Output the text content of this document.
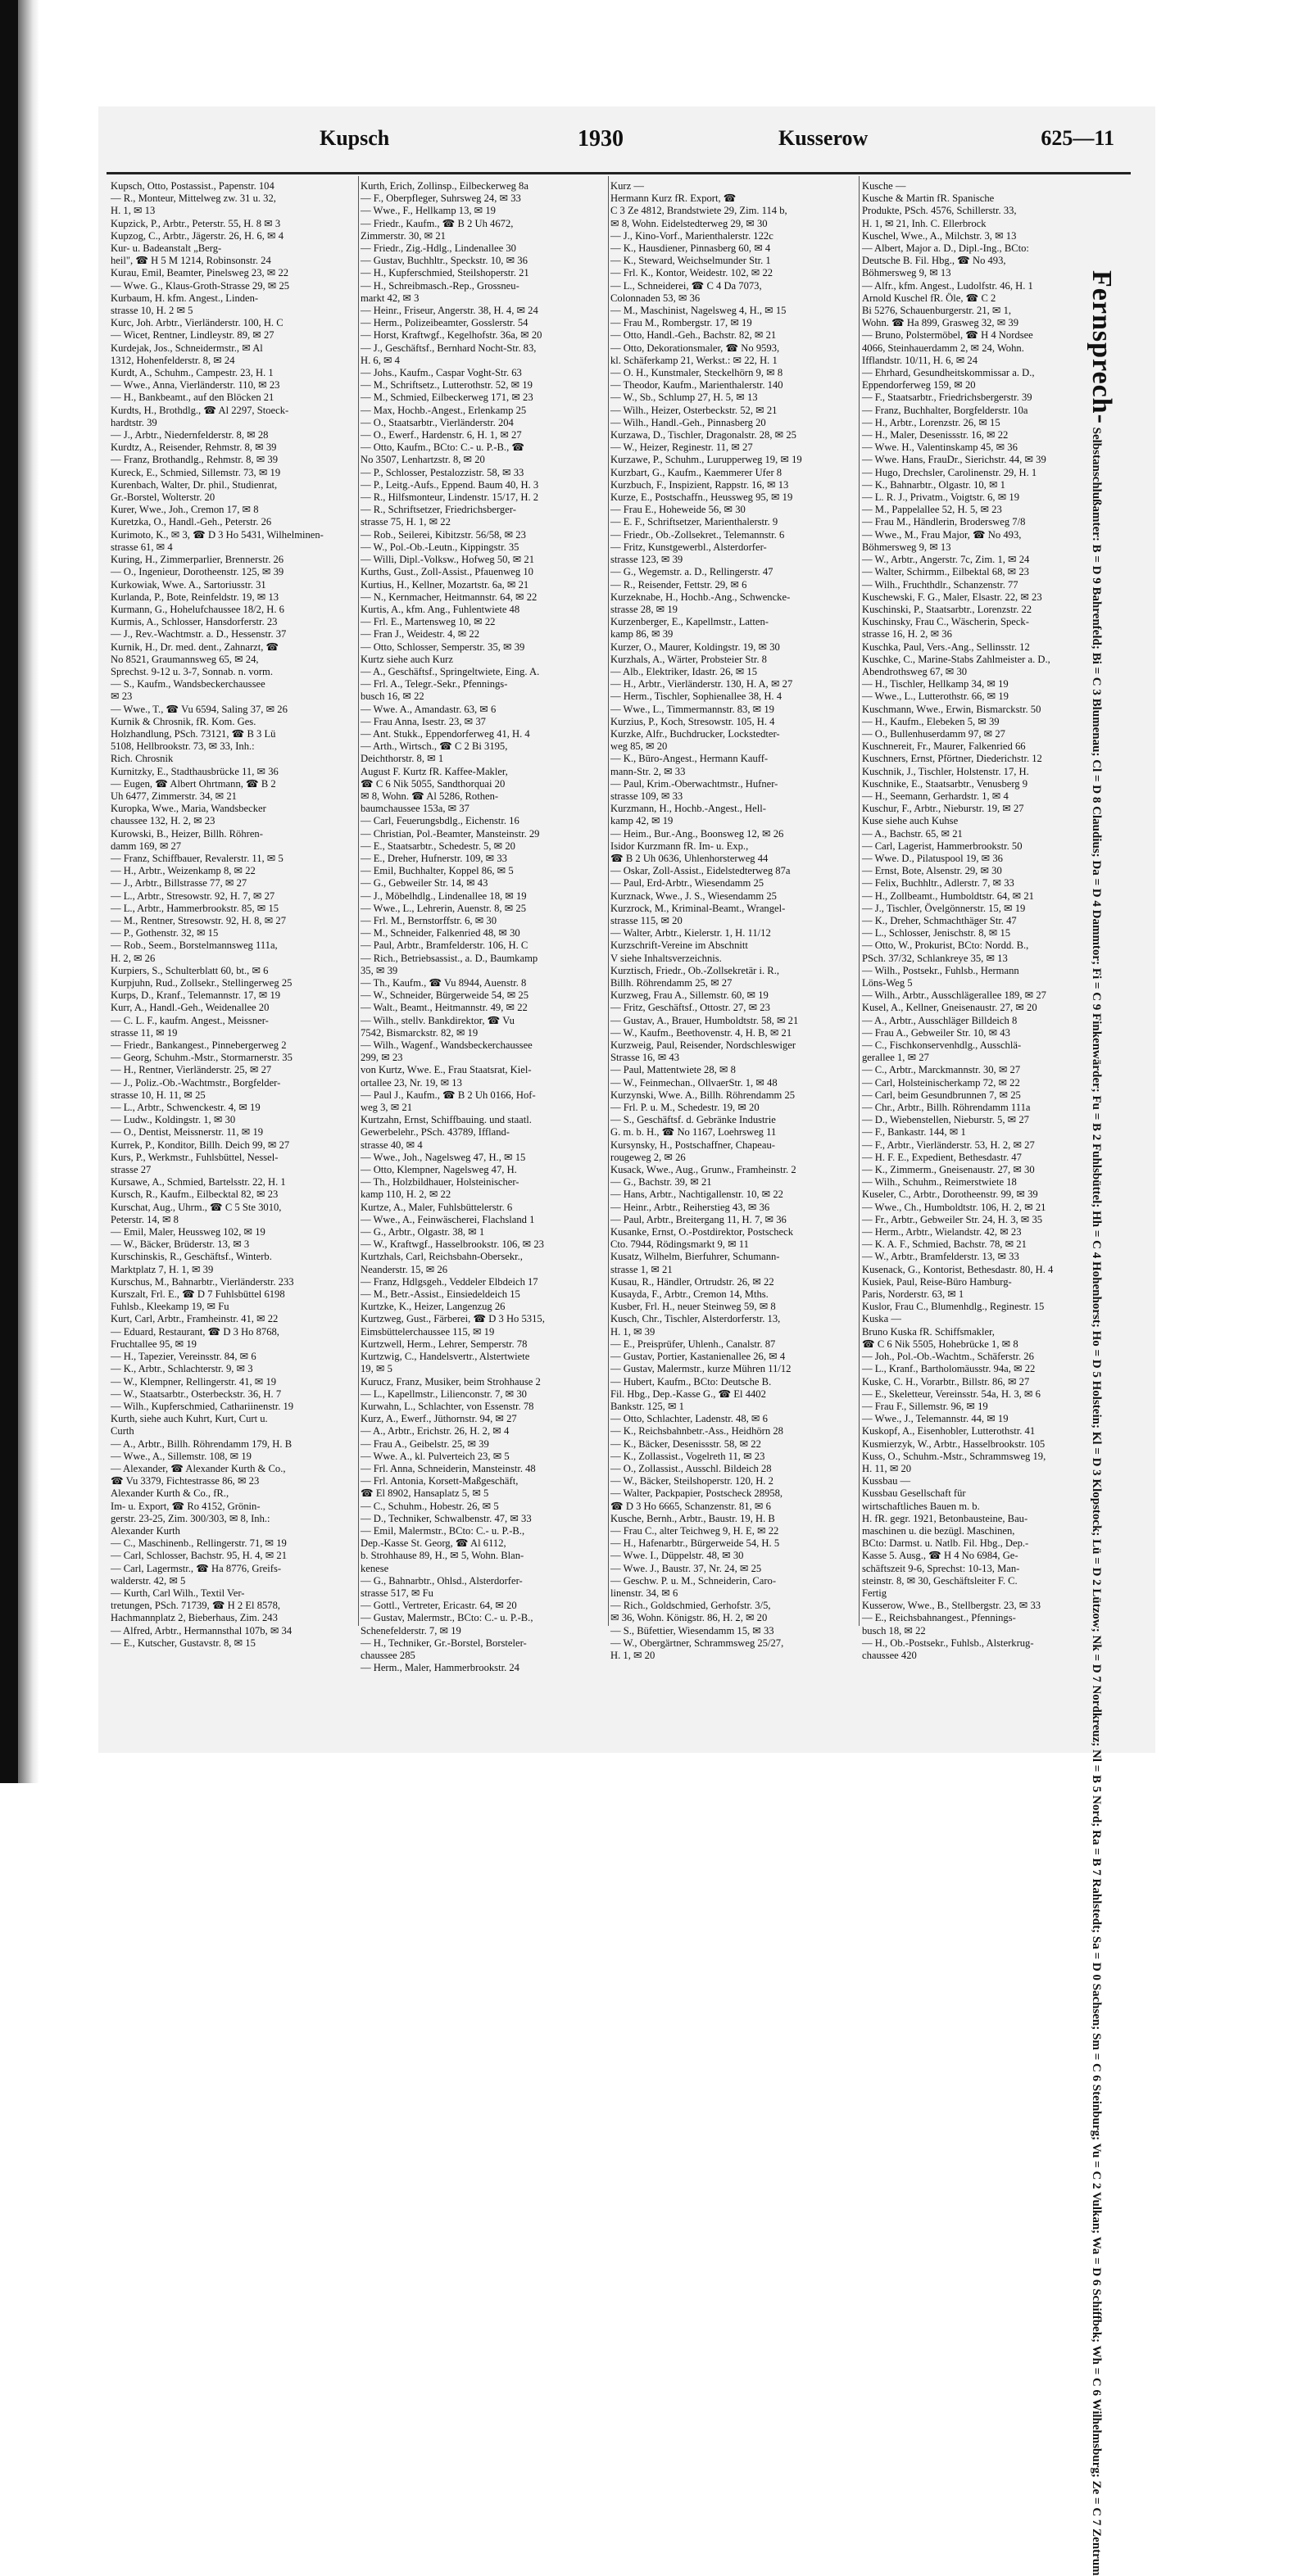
Kupsch	1930	Kusserow	625—11
Kupsch, Otto, Postassist., Papenstr. 104
— R., Monteur, Mittelweg zw. 31 u. 32,
H. 1, ✉ 13
Kupzick, P., Arbtr., Peterstr. 55, H. 8 ✉ 3
Kupzog, C., Arbtr., Jägerstr. 26, H. 6, ✉ 4
Kur- u. Badeanstalt „Berg-
heil", ☎ H 5 M 1214, Robinsonstr. 24
Kurau, Emil, Beamter, Pinelsweg 23, ✉ 22
— Wwe. G., Klaus-Groth-Strasse 29, ✉ 25
Kurbaum, H. kfm. Angest., Linden-
strasse 10, H. 2 ✉ 5
Kurc, Joh. Arbtr., Vierländerstr. 100, H. C
— Wicet, Rentner, Lindleystr. 89, ✉ 27
Kurdejak, Jos., Schneidermstr., ✉ Al
1312, Hohenfelderstr. 8, ✉ 24
Kurdt, A., Schuhm., Campestr. 23, H. 1
— Wwe., Anna, Vierländerstr. 110, ✉ 23
— H., Bankbeamt., auf den Blöcken 21
Kurdts, H., Brothdlg., ☎ Al 2297, Stoeck-
hardtstr. 39
— J., Arbtr., Niedernfelderstr. 8, ✉ 28
Kurdtz, A., Reisender, Rehmstr. 8, ✉ 39
— Franz, Brothandlg., Rehmstr. 8, ✉ 39
Kureck, E., Schmied, Sillemstr. 73, ✉ 19
Kurenbach, Walter, Dr. phil., Studienrat,
Gr.-Borstel, Wolterstr. 20
Kurer, Wwe., Joh., Cremon 17, ✉ 8
Kuretzka, O., Handl.-Geh., Peterstr. 26
Kurimoto, K., ✉ 3, ☎ D 3 Ho 5431, Wilhelminen-
strasse 61, ✉ 4
Kuring, H., Zimmerparlier, Brennerstr. 26
— O., Ingenieur, Dorotheenstr. 125, ✉ 39
Kurkowiak, Wwe. A., Sartoriusstr. 31
Kurlanda, P., Bote, Reinfeldstr. 19, ✉ 13
Kurmann, G., Hohelufchaussee 18/2, H. 6
Kurmis, A., Schlosser, Hansdorferstr. 23
— J., Rev.-Wachtmstr. a. D., Hessenstr. 37
Kurnik, H., Dr. med. dent., Zahnarzt, ☎
No 8521, Graumannsweg 65, ✉ 24,
Sprechst. 9-12 u. 3-7, Sonnab. n. vorm.
— S., Kaufm., Wandsbeckerchaussee
✉ 23
— Wwe., T., ☎ Vu 6594, Saling 37, ✉ 26
Kurnik & Chrosnik, fR. Kom. Ges.
Holzhandlung, PSch. 73121, ☎ B 3 Lü
5108, Hellbrookstr. 73, ✉ 33, Inh.:
Rich. Chrosnik
Kurnitzky, E., Stadthausbrücke 11, ✉ 36
— Eugen, ☎ Albert Ohrtmann, ☎ B 2
Uh 6477, Zimmerstr. 34, ✉ 21
Kuropka, Wwe., Maria, Wandsbecker
chaussee 132, H. 2, ✉ 23
Kurowski, B., Heizer, Billh. Röhren-
damm 169, ✉ 27
— Franz, Schiffbauer, Revalerstr. 11, ✉ 5
— H., Arbtr., Weizenkamp 8, ✉ 22
— J., Arbtr., Billstrasse 77, ✉ 27
— L., Arbtr., Stresowstr. 92, H. 7, ✉ 27
— L., Arbtr., Hammerbrookstr. 85, ✉ 15
— M., Rentner, Stresowstr. 92, H. 8, ✉ 27
— P., Gothenstr. 32, ✉ 15
— Rob., Seem., Borstelmannsweg 111a,
H. 2, ✉ 26
Kurpiers, S., Schulterblatt 60, bt., ✉ 6
Kurpjuhn, Rud., Zollsekr., Stellingerweg 25
Kurps, D., Kranf., Telemannstr. 17, ✉ 19
Kurr, A., Handl.-Geh., Weidenallee 20
— C. L. F., kaufm. Angest., Meissner-
strasse 11, ✉ 19
— Friedr., Bankangest., Pinnebergerweg 2
— Georg, Schuhm.-Mstr., Stormarnerstr. 35
— H., Rentner, Vierländerstr. 25, ✉ 27
— J., Poliz.-Ob.-Wachtmstr., Borgfelder-
strasse 10, H. 11, ✉ 25
— L., Arbtr., Schwenckestr. 4, ✉ 19
— Ludw., Koldingstr. 1, ✉ 30
— O., Dentist, Meissnerstr. 11, ✉ 19
Kurrek, P., Konditor, Billh. Deich 99, ✉ 27
Kurs, P., Werkmstr., Fuhlsbüttel, Nessel-
strasse 27
Kursawe, A., Schmied, Bartelsstr. 22, H. 1
Kursch, R., Kaufm., Eilbecktal 82, ✉ 23
Kurschat, Aug., Uhrm., ☎ C 5 Ste 3010,
Peterstr. 14, ✉ 8
— Emil, Maler, Heussweg 102, ✉ 19
— W., Bäcker, Brüderstr. 13, ✉ 3
Kurschinskis, R., Geschäftsf., Winterb.
Marktplatz 7, H. 1, ✉ 39
Kurschus, M., Bahnarbtr., Vierländerstr. 233
Kurszalt, Frl. E., ☎ D 7 Fuhlsbüttel 6198
Fuhlsb., Kleekamp 19, ✉ Fu
Kurt, Carl, Arbtr., Framheinstr. 41, ✉ 22
— Eduard, Restaurant, ☎ D 3 Ho 8768,
Fruchtallee 95, ✉ 19
— H., Tapezier, Vereinsstr. 84, ✉ 6
— K., Arbtr., Schlachterstr. 9, ✉ 3
— W., Klempner, Rellingerstr. 41, ✉ 19
— W., Staatsarbtr., Osterbeckstr. 36, H. 7
— Wilh., Kupferschmied, Cathariinenstr. 19
Kurth, siehe auch Kuhrt, Kurt, Curt u.
Curth
— A., Arbtr., Billh. Röhrendamm 179, H. B
— Wwe., A., Sillemstr. 108, ✉ 19
— Alexander, ☎ Alexander Kurth & Co.,
☎ Vu 3379, Fichtestrasse 86, ✉ 23
Alexander Kurth & Co., fR.,
Im- u. Export, ☎ Ro 4152, Grönin-
gerstr. 23-25, Zim. 300/303, ✉ 8, Inh.:
Alexander Kurth
— C., Maschinenb., Rellingerstr. 71, ✉ 19
— Carl, Schlosser, Bachstr. 95, H. 4, ✉ 21
— Carl, Lagermstr., ☎ Ha 8776, Greifs-
walderstr. 42, ✉ 5
— Kurth, Carl Wilh., Textil Ver-
tretungen, PSch. 71739, ☎ H 2 El 8578,
Hachmannplatz 2, Bieberhaus, Zim. 243
— Alfred, Arbtr., Hermannsthal 107b, ✉ 34
— E., Kutscher, Gustavstr. 8, ✉ 15
Kurth, Erich, Zollinsp., Eilbeckerweg 8a
— F., Oberpfleger, Suhrsweg 24, ✉ 33
— Wwe., F., Hellkamp 13, ✉ 19
— Friedr., Kaufm., ☎ B 2 Uh 4672,
Zimmerstr. 30, ✉ 21
— Friedr., Zig.-Hdlg., Lindenallee 30
— Gustav, Buchhltr., Speckstr. 10, ✉ 36
— H., Kupferschmied, Steilshoperstr. 21
— H., Schreibmasch.-Rep., Grossneu-
markt 42, ✉ 3
— Heinr., Friseur, Angerstr. 38, H. 4, ✉ 24
— Herm., Polizeibeamter, Gosslerstr. 54
— Horst, Kraftwgf., Kegelhofstr. 36a, ✉ 20
— J., Geschäftsf., Bernhard Nocht-Str. 83,
H. 6, ✉ 4
— Johs., Kaufm., Caspar Voght-Str. 63
— M., Schriftsetz., Lutterothstr. 52, ✉ 19
— M., Schmied, Eilbeckerweg 171, ✉ 23
— Max, Hochb.-Angest., Erlenkamp 25
— O., Staatsarbtr., Vierländerstr. 204
— O., Ewerf., Hardenstr. 6, H. 1, ✉ 27
— Otto, Kaufm., BCto: C.- u. P.-B., ☎
No 3507, Lenhartzstr. 8, ✉ 20
— P., Schlosser, Pestalozzistr. 58, ✉ 33
— P., Leitg.-Aufs., Eppend. Baum 40, H. 3
— R., Hilfsmonteur, Lindenstr. 15/17, H. 2
— R., Schriftsetzer, Friedrichsberger-
strasse 75, H. 1, ✉ 22
— Rob., Seilerei, Kibitzstr. 56/58, ✉ 23
— W., Pol.-Ob.-Leutn., Kippingstr. 35
— Willi, Dipl.-Volksw., Hofweg 50, ✉ 21
Kurths, Gust., Zoll-Assist., Pfauenweg 10
Kurtius, H., Kellner, Mozartstr. 6a, ✉ 21
— N., Kernmacher, Heitmannstr. 64, ✉ 22
Kurtis, A., kfm. Ang., Fuhlentwiete 48
— Frl. E., Martensweg 10, ✉ 22
— Fran J., Weidestr. 4, ✉ 22
— Otto, Schlosser, Semperstr. 35, ✉ 39
Kurtz siehe auch Kurz
— A., Geschäftsf., Springeltwiete, Eing. A.
— Frl. A., Telegr.-Sekr., Pfennings-
busch 16, ✉ 22
— Wwe. A., Amandastr. 63, ✉ 6
— Frau Anna, Isestr. 23, ✉ 37
— Ant. Stukk., Eppendorferweg 41, H. 4
— Arth., Wirtsch., ☎ C 2 Bi 3195,
Deichthorstr. 8, ✉ 1
August F. Kurtz fR. Kaffee-Makler,
☎ C 6 Nik 5055, Sandthorquai 20
✉ 8, Wohn. ☎ Al 5286, Rothen-
baumchaussee 153a, ✉ 37
— Carl, Feuerungsbdlg., Eichenstr. 16
— Christian, Pol.-Beamter, Mansteinstr. 29
— E., Staatsarbtr., Schedestr. 5, ✉ 20
— E., Dreher, Hufnerstr. 109, ✉ 33
— Emil, Buchhalter, Koppel 86, ✉ 5
— G., Gebweiler Str. 14, ✉ 43
— J., Möbelhdlg., Lindenallee 18, ✉ 19
— Wwe., L., Lehrerin, Auenstr. 8, ✉ 25
— Frl. M., Bernstorffstr. 6, ✉ 30
— M., Schneider, Falkenried 48, ✉ 30
— Paul, Arbtr., Bramfelderstr. 106, H. C
— Rich., Betriebsassist., a. D., Baumkamp
35, ✉ 39
— Th., Kaufm., ☎ Vu 8944, Auenstr. 8
— W., Schneider, Bürgerweide 54, ✉ 25
— Walt., Beamt., Heitmannstr. 49, ✉ 22
— Wilh., stellv. Bankdirektor, ☎ Vu
7542, Bismarckstr. 82, ✉ 19
— Wilh., Wagenf., Wandsbeckerchaussee
299, ✉ 23
von Kurtz, Wwe. E., Frau Staatsrat, Kiel-
ortallee 23, Nr. 19, ✉ 13
— Paul J., Kaufm., ☎ B 2 Uh 0166, Hof-
weg 3, ✉ 21
Kurtzahn, Ernst, Schiffbauing. und staatl.
Gewerbelehr., PSch. 43789, Iffland-
strasse 40, ✉ 4
— Wwe., Joh., Nagelsweg 47, H., ✉ 15
— Otto, Klempner, Nagelsweg 47, H.
— Th., Holzbildhauer, Holsteinischer-
kamp 110, H. 2, ✉ 22
Kurtze, A., Maler, Fuhlsbüttelerstr. 6
— Wwe., A., Feinwäscherei, Flachsland 1
— G., Arbtr., Olgastr. 38, ✉ 1
— W., Kraftwgf., Hasselbrookstr. 106, ✉ 23
Kurtzhals, Carl, Reichsbahn-Obersekr.,
Neanderstr. 15, ✉ 26
— Franz, Hdlgsgeh., Veddeler Elbdeich 17
— M., Betr.-Assist., Einsiedeldeich 15
Kurtzke, K., Heizer, Langenzug 26
Kurtzweg, Gust., Färberei, ☎ D 3 Ho 5315,
Eimsbüttelerchaussee 115, ✉ 19
Kurtzwell, Herm., Lehrer, Semperstr. 78
Kurtzwig, C., Handelsvertr., Alstertwiete
19, ✉ 5
Kurucz, Franz, Musiker, beim Strohhause 2
— L., Kapellmstr., Lilienconstr. 7, ✉ 30
Kurwahn, L., Schlachter, von Essenstr. 78
Kurz, A., Ewerf., Jüthornstr. 94, ✉ 27
— A., Arbtr., Erichstr. 26, H. 2, ✉ 4
— Frau A., Geibelstr. 25, ✉ 39
— Wwe. A., kl. Pulverteich 23, ✉ 5
— Frl. Anna, Schneiderin, Mansteinstr. 48
— Frl. Antonia, Korsett-Maßgeschäft,
☎ El 8902, Hansaplatz 5, ✉ 5
— C., Schuhm., Hobestr. 26, ✉ 5
— D., Techniker, Schwalbenstr. 47, ✉ 33
— Emil, Malermstr., BCto: C.- u. P.-B.,
Dep.-Kasse St. Georg, ☎ Al 6112,
b. Strohhause 89, H., ✉ 5, Wohn. Blan-
kenese
— G., Bahnarbtr., Ohlsd., Alsterdorfer-
strasse 517, ✉ Fu
— Gottl., Vertreter, Ericastr. 64, ✉ 20
— Gustav, Malermstr., BCto: C.- u. P.-B.,
Schenefelderstr. 7, ✉ 19
— H., Techniker, Gr.-Borstel, Borsteler-
chaussee 285
— Herm., Maler, Hammerbrookstr. 24
Kurz —
Hermann Kurz fR. Export, ☎
C 3 Ze 4812, Brandstwiete 29, Zim. 114 b,
✉ 8, Wohn. Eidelstedterweg 29, ✉ 30
— J., Kino-Vorf., Marienthalerstr. 122c
— K., Hausdiener, Pinnasberg 60, ✉ 4
— K., Steward, Weichselmunder Str. 1
— Frl. K., Kontor, Weidestr. 102, ✉ 22
— L., Schneiderei, ☎ C 4 Da 7073,
Colonnaden 53, ✉ 36
— M., Maschinist, Nagelsweg 4, H., ✉ 15
— Frau M., Rombergstr. 17, ✉ 19
— Otto, Handl.-Geh., Bachstr. 82, ✉ 21
— Otto, Dekorationsmaler, ☎ No 9593,
kl. Schäferkamp 21, Werkst.: ✉ 22, H. 1
— O. H., Kunstmaler, Steckelhörn 9, ✉ 8
— Theodor, Kaufm., Marienthalerstr. 140
— W., Sb., Schlump 27, H. 5, ✉ 13
— Wilh., Heizer, Osterbeckstr. 52, ✉ 21
— Wilh., Handl.-Geh., Pinnasberg 20
Kurzawa, D., Tischler, Dragonalstr. 28, ✉ 25
— W., Heizer, Reginestr. 11, ✉ 27
Kurzawe, P., Schuhm., Lurupperweg 19, ✉ 19
Kurzbart, G., Kaufm., Kaemmerer Ufer 8
Kurzbuch, F., Inspizient, Rappstr. 16, ✉ 13
Kurze, E., Postschaffn., Heussweg 95, ✉ 19
— Frau E., Hoheweide 56, ✉ 30
— E. F., Schriftsetzer, Marienthalerstr. 9
— Friedr., Ob.-Zollsekret., Telemannstr. 6
— Fritz, Kunstgewerbl., Alsterdorfer-
strasse 123, ✉ 39
— G., Wegemstr. a. D., Rellingerstr. 47
— R., Reisender, Fettstr. 29, ✉ 6
Kurzeknabe, H., Hochb.-Ang., Schwencke-
strasse 28, ✉ 19
Kurzenberger, E., Kapellmstr., Latten-
kamp 86, ✉ 39
Kurzer, O., Maurer, Koldingstr. 19, ✉ 30
Kurzhals, A., Wärter, Probsteier Str. 8
— Alb., Elektriker, Idastr. 26, ✉ 15
— H., Arbtr., Vierländerstr. 130, H. A, ✉ 27
— Herm., Tischler, Sophienallee 38, H. 4
— Wwe., L., Timmermannstr. 83, ✉ 19
Kurzius, P., Koch, Stresowstr. 105, H. 4
Kurzke, Alfr., Buchdrucker, Lockstedter-
weg 85, ✉ 20
— K., Büro-Angest., Hermann Kauff-
mann-Str. 2, ✉ 33
— Paul, Krim.-Oberwachtmstr., Hufner-
strasse 109, ✉ 33
Kurzmann, H., Hochb.-Angest., Hell-
kamp 42, ✉ 19
— Heim., Bur.-Ang., Boonsweg 12, ✉ 26
Isidor Kurzmann fR. Im- u. Exp.,
☎ B 2 Uh 0636, Uhlenhorsterweg 44
— Oskar, Zoll-Assist., Eidelstedterweg 87a
— Paul, Erd-Arbtr., Wiesendamm 25
Kurznack, Wwe., J. S., Wiesendamm 25
Kurzrock, M., Kriminal-Beamt., Wrangel-
strasse 115, ✉ 20
— Walter, Arbtr., Kielerstr. 1, H. 11/12
Kurzschrift-Vereine im Abschnitt
V siehe Inhaltsverzeichnis.
Kurztisch, Friedr., Ob.-Zollsekretär i. R.,
Billh. Röhrendamm 25, ✉ 27
Kurzweg, Frau A., Sillemstr. 60, ✉ 19
— Fritz, Geschäftsf., Ottostr. 27, ✉ 23
— Gustav, A., Brauer, Humboldtstr. 58, ✉ 21
— W., Kaufm., Beethovenstr. 4, H. B, ✉ 21
Kurzweig, Paul, Reisender, Nordschleswiger
Strasse 16, ✉ 43
— Paul, Mattentwiete 28, ✉ 8
— W., Feinmechan., OllvaerStr. 1, ✉ 48
Kurzynski, Wwe. A., Billh. Röhrendamm 25
— Frl. P. u. M., Schedestr. 19, ✉ 20
— S., Geschäftsf. d. Gebränke Industrie
G. m. b. H., ☎ No 1167, Loehrsweg 11
Kursynsky, H., Postschaffner, Chapeau-
rougeweg 2, ✉ 26
Kusack, Wwe., Aug., Grunw., Framheinstr. 2
— G., Bachstr. 39, ✉ 21
— Hans, Arbtr., Nachtigallenstr. 10, ✉ 22
— Heinr., Arbtr., Reiherstieg 43, ✉ 36
— Paul, Arbtr., Breitergang 11, H. 7, ✉ 36
Kusanke, Ernst, O.-Postdirektor, Postscheck
Cto. 7944, Rödingsmarkt 9, ✉ 11
Kusatz, Wilhelm, Bierfuhrer, Schumann-
strasse 1, ✉ 21
Kusau, R., Händler, Ortrudstr. 26, ✉ 22
Kusayda, F., Arbtr., Cremon 14, Mths.
Kusber, Frl. H., neuer Steinweg 59, ✉ 8
Kusch, Chr., Tischler, Alsterdorferstr. 13,
H. 1, ✉ 39
— E., Preisprüfer, Uhlenh., Canalstr. 87
— Gustav, Portier, Kastanienallee 26, ✉ 4
— Gustav, Malermstr., kurze Mühren 11/12
— Hubert, Kaufm., BCto: Deutsche B.
Fil. Hbg., Dep.-Kasse G., ☎ El 4402
Bankstr. 125, ✉ 1
— Otto, Schlachter, Ladenstr. 48, ✉ 6
— K., Reichsbahnbetr.-Ass., Heidhörn 28
— K., Bäcker, Desenissstr. 58, ✉ 22
— K., Zollassist., Vogelreth 11, ✉ 23
— O., Zollassist., Ausschl. Bildeich 28
— W., Bäcker, Steilshoperstr. 120, H. 2
— Walter, Packpapier, Postscheck 28958,
☎ D 3 Ho 6665, Schanzenstr. 81, ✉ 6
Kusche, Bernh., Arbtr., Baustr. 19, H. B
— Frau C., alter Teichweg 9, H. E, ✉ 22
— H., Hafenarbtr., Bürgerweide 54, H. 5
— Wwe. I., Düppelstr. 48, ✉ 30
— Wwe. J., Baustr. 37, Nr. 24, ✉ 25
— Geschw. P. u. M., Schneiderin, Caro-
linenstr. 34, ✉ 6
— Rich., Goldschmied, Gerhofstr. 3/5,
✉ 36, Wohn. Königstr. 86, H. 2, ✉ 20
— S., Büfettier, Wiesendamm 15, ✉ 33
— W., Obergärtner, Schrammsweg 25/27,
H. 1, ✉ 20
Kusche —
Kusche & Martin fR. Spanische
Produkte, PSch. 4576, Schillerstr. 33,
H. 1, ✉ 21, Inh. C. Ellerbrock
Kuschel, Wwe., A., Milchstr. 3, ✉ 13
— Albert, Major a. D., Dipl.-Ing., BCto:
Deutsche B. Fil. Hbg., ☎ No 493,
Böhmersweg 9, ✉ 13
— Alfr., kfm. Angest., Ludolfstr. 46, H. 1
Arnold Kuschel fR. Öle, ☎ C 2
Bi 5276, Schauenburgerstr. 21, ✉ 1,
Wohn. ☎ Ha 899, Grasweg 32, ✉ 39
— Bruno, Polstermöbel, ☎ H 4 Nordsee
4066, Steinhauerdamm 2, ✉ 24, Wohn.
Ifflandstr. 10/11, H. 6, ✉ 24
— Ehrhard, Gesundheitskommissar a. D.,
Eppendorferweg 159, ✉ 20
— F., Staatsarbtr., Friedrichsbergerstr. 39
— Franz, Buchhalter, Borgfelderstr. 10a
— H., Arbtr., Lorenzstr. 26, ✉ 15
— H., Maler, Desenissstr. 16, ✉ 22
— Wwe. H., Valentinskamp 45, ✉ 36
— Wwe. Hans, FrauDr., Sierichstr. 44, ✉ 39
— Hugo, Drechsler, Carolinenstr. 29, H. 1
— K., Bahnarbtr., Olgastr. 10, ✉ 1
— L. R. J., Privatm., Voigtstr. 6, ✉ 19
— M., Pappelallee 52, H. 5, ✉ 23
— Frau M., Händlerin, Brodersweg 7/8
— Wwe., M., Frau Major, ☎ No 493,
Böhmersweg 9, ✉ 13
— W., Arbtr., Angerstr. 7c, Zim. 1, ✉ 24
— Walter, Schirmm., Eilbektal 68, ✉ 23
— Wilh., Fruchthdlr., Schanzenstr. 77
Kuschewski, F. G., Maler, Elsastr. 22, ✉ 23
Kuschinski, P., Staatsarbtr., Lorenzstr. 22
Kuschinsky, Frau C., Wäscherin, Speck-
strasse 16, H. 2, ✉ 36
Kuschka, Paul, Vers.-Ang., Sellinsstr. 12
Kuschke, C., Marine-Stabs Zahlmeister a. D.,
Abendrothsweg 67, ✉ 30
— H., Tischler, Hellkamp 34, ✉ 19
— Wwe., L., Lutterothstr. 66, ✉ 19
Kuschmann, Wwe., Erwin, Bismarckstr. 50
— H., Kaufm., Elebeken 5, ✉ 39
— O., Bullenhuserdamm 97, ✉ 27
Kuschnereit, Fr., Maurer, Falkenried 66
Kuschners, Ernst, Pförtner, Diederichstr. 12
Kuschnik, J., Tischler, Holstenstr. 17, H.
Kuschnike, E., Staatsarbtr., Venusberg 9
— H., Seemann, Gerhardstr. 1, ✉ 4
Kuschur, F., Arbtr., Nieburstr. 19, ✉ 27
Kuse siehe auch Kuhse
— A., Bachstr. 65, ✉ 21
— Carl, Lagerist, Hammerbrookstr. 50
— Wwe. D., Pilatuspool 19, ✉ 36
— Ernst, Bote, Alsenstr. 29, ✉ 30
— Felix, Buchhltr., Adlerstr. 7, ✉ 33
— H., Zollbeamt., Humboldtstr. 64, ✉ 21
— J., Tischler, Övelgönnerstr. 15, ✉ 19
— K., Dreher, Schmachthäger Str. 47
— L., Schlosser, Jenischstr. 8, ✉ 15
— Otto, W., Prokurist, BCto: Nordd. B.,
PSch. 37/32, Schlankreye 35, ✉ 13
— Wilh., Postsekr., Fuhlsb., Hermann
Löns-Weg 5
— Wilh., Arbtr., Ausschlägerallee 189, ✉ 27
Kusel, A., Kellner, Gneisenaustr. 27, ✉ 20
— A., Arbtr., Ausschläger Billdeich 8
— Frau A., Gebweiler Str. 10, ✉ 43
— C., Fischkonservenhdlg., Ausschlä-
gerallee 1, ✉ 27
— C., Arbtr., Marckmannstr. 30, ✉ 27
— Carl, Holsteinischerkamp 72, ✉ 22
— Carl, beim Gesundbrunnen 7, ✉ 25
— Chr., Arbtr., Billh. Röhrendamm 111a
— D., Wiebenstellen, Nieburstr. 5, ✉ 27
— F., Bankastr. 144, ✉ 1
— F., Arbtr., Vierländerstr. 53, H. 2, ✉ 27
— H. F. E., Expedient, Bethesdastr. 47
— K., Zimmerm., Gneisenaustr. 27, ✉ 30
— Wilh., Schuhm., Reimerstwiete 18
Kuseler, C., Arbtr., Dorotheenstr. 99, ✉ 39
— Wwe., Ch., Humboldtstr. 106, H. 2, ✉ 21
— Fr., Arbtr., Gebweiler Str. 24, H. 3, ✉ 35
— Herm., Arbtr., Wielandstr. 42, ✉ 23
— K. A. F., Schmied, Bachstr. 78, ✉ 21
— W., Arbtr., Bramfelderstr. 13, ✉ 33
Kusenack, G., Kontorist, Bethesdastr. 80, H. 4
Kusiek, Paul, Reise-Büro Hamburg-
Paris, Norderstr. 63, ✉ 1
Kuslor, Frau C., Blumenhdlg., Reginestr. 15
Kuska —
Bruno Kuska fR. Schiffsmakler,
☎ C 6 Nik 5505, Hohebrücke 1, ✉ 8
— Joh., Pol.-Ob.-Wachtm., Schäferstr. 26
— L., Kranf., Bartholomäusstr. 94a, ✉ 22
Kuske, C. H., Vorarbtr., Billstr. 86, ✉ 27
— E., Skeletteur, Vereinsstr. 54a, H. 3, ✉ 6
— Frau F., Sillemstr. 96, ✉ 19
— Wwe., J., Telemannstr. 44, ✉ 19
Kuskopf, A., Eisenhobler, Lutterothstr. 41
Kusmierzyk, W., Arbtr., Hasselbrookstr. 105
Kuss, O., Schuhm.-Mstr., Schrammsweg 19,
H. 11, ✉ 20
Kussbau —
Kussbau Gesellschaft für
wirtschaftliches Bauen m. b.
H. fR. gegr. 1921, Betonbausteine, Bau-
maschinen u. die bezügl. Maschinen,
BCto: Darmst. u. Natlb. Fil. Hbg., Dep.-
Kasse 5. Ausg., ☎ H 4 No 6984, Ge-
schäftszeit 9-6, Sprechst: 10-13, Man-
steinstr. 8, ✉ 30, Geschäftsleiter F. C.
Fertig
Kusserow, Wwe., B., Stellbergstr. 23, ✉ 33
— E., Reichsbahnangest., Pfennings-
busch 18, ✉ 22
— H., Ob.-Postsekr., Fuhlsb., Alsterkrug-
chaussee 420
Fernsprech- Selbstanschlußamter: B = D 9 Bahrenfeld; Bi = C 3 Blumenau; Cl = D 8 Claudius; Da = D 4 Dammtor; Fi = C 9 Finkenwärder; Fu = B 2 Fuhlsbüttel; Hh = C 4 Hohenhorst; Ho = D 5 Holstein; Kl = D 3 Klopstock; Lü = D 2 Lützow; Nk = D 7 Nordkreuz; Nl = B 5 Nord; Ra = B 7 Rahlstedt; Sa = D 0 Sachsen; Sm = C 6 Steinburg; Vu = C 2 Vulkan; Wa = D 6 Schiffbek; Wh = C 6 Wilhelmsburg; Ze = C 7 Zentrum
